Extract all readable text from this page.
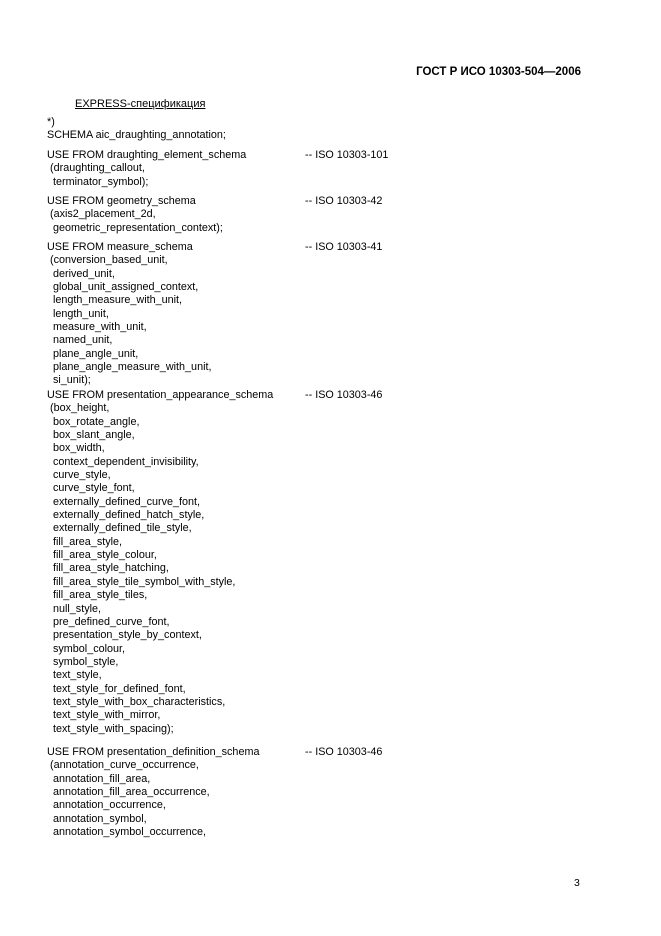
ГОСТ Р ИСО 10303-504—2006
EXPRESS-спецификация
*)
SCHEMA aic_draughting_annotation;
USE FROM draughting_element_schema
(draughting_callout,
terminator_symbol);
-- ISO 10303-101
USE FROM geometry_schema
(axis2_placement_2d,
geometric_representation_context);
-- ISO 10303-42
USE FROM measure_schema
(conversion_based_unit,
derived_unit,
global_unit_assigned_context,
length_measure_with_unit,
length_unit,
measure_with_unit,
named_unit,
plane_angle_unit,
plane_angle_measure_with_unit,
si_unit);
-- ISO 10303-41
USE FROM presentation_appearance_schema
(box_height,
box_rotate_angle,
box_slant_angle,
box_width,
context_dependent_invisibility,
curve_style,
curve_style_font,
externally_defined_curve_font,
externally_defined_hatch_style,
externally_defined_tile_style,
fill_area_style,
fill_area_style_colour,
fill_area_style_hatching,
fill_area_style_tile_symbol_with_style,
fill_area_style_tiles,
null_style,
pre_defined_curve_font,
presentation_style_by_context,
symbol_colour,
symbol_style,
text_style,
text_style_for_defined_font,
text_style_with_box_characteristics,
text_style_with_mirror,
text_style_with_spacing);
-- ISO 10303-46
USE FROM presentation_definition_schema
(annotation_curve_occurrence,
annotation_fill_area,
annotation_fill_area_occurrence,
annotation_occurrence,
annotation_symbol,
annotation_symbol_occurrence,
-- ISO 10303-46
3
